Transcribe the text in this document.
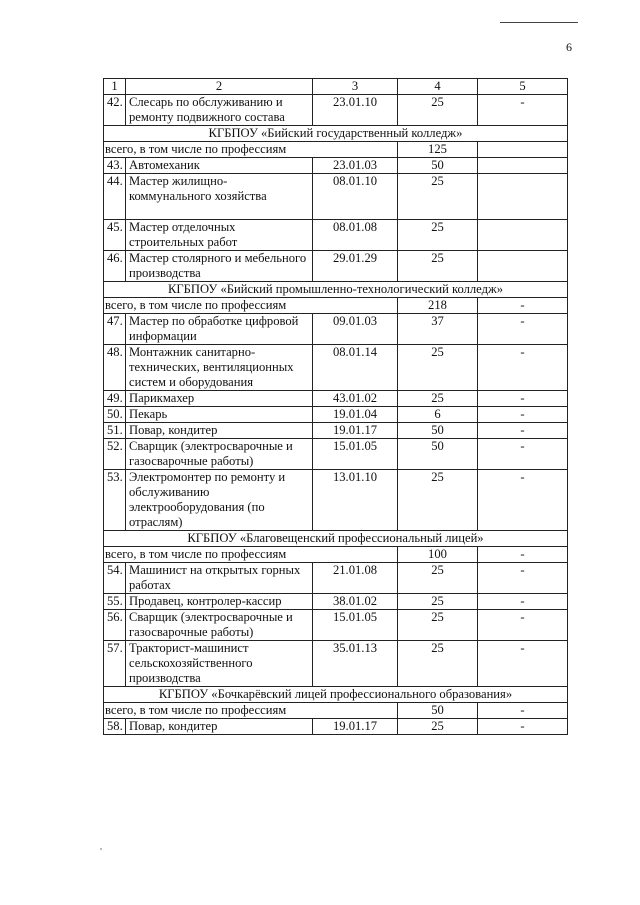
6
1	2	3	4	5
42.	Слесарь по обслуживанию и ремонту подвижного состава	23.01.10	25	-
КГБПОУ «Бийский государственный колледж»				
всего, в том числе по профессиям			125	
43.	Автомеханик	23.01.03	50	
44.	Мастер жилищно-коммунального хозяйства	08.01.10	25	
45.	Мастер отделочных строительных работ	08.01.08	25	
46.	Мастер столярного и мебельного производства	29.01.29	25	
КГБПОУ «Бийский промышленно-технологический колледж»				
всего, в том числе по профессиям			218	-
47.	Мастер по обработке цифровой информации	09.01.03	37	-
48.	Монтажник санитарно-технических, вентиляционных систем и оборудования	08.01.14	25	-
49.	Парикмахер	43.01.02	25	-
50.	Пекарь	19.01.04	6	-
51.	Повар, кондитер	19.01.17	50	-
52.	Сварщик (электросварочные и газосварочные работы)	15.01.05	50	-
53.	Электромонтер по ремонту и обслуживанию электрооборудования (по отраслям)	13.01.10	25	-
КГБПОУ «Благовещенский профессиональный лицей»				
всего, в том числе по профессиям			100	-
54.	Машинист на открытых горных работах	21.01.08	25	-
55.	Продавец, контролер-кассир	38.01.02	25	-
56.	Сварщик (электросварочные и газосварочные работы)	15.01.05	25	-
57.	Тракторист-машинист сельскохозяйственного производства	35.01.13	25	-
КГБПОУ «Бочкарёвский лицей профессионального образования»				
всего, в том числе по профессиям			50	-
58.	Повар, кондитер	19.01.17	25	-
